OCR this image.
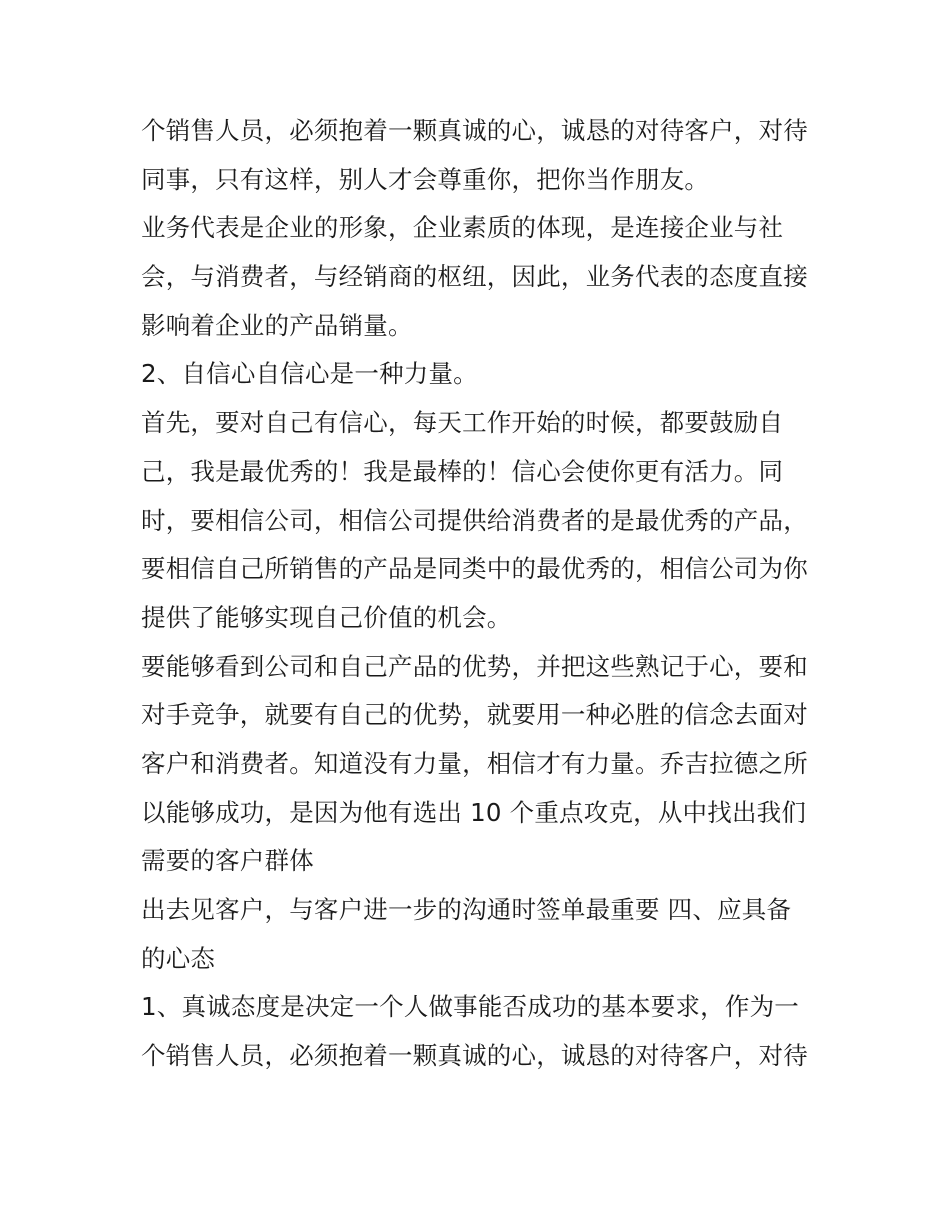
个销售人员，必须抱着一颗真诚的心，诚恳的对待客户，对待
同事，只有这样，别人才会尊重你，把你当作朋友。
业务代表是企业的形象，企业素质的体现，是连接企业与社
会，与消费者，与经销商的枢纽，因此，业务代表的态度直接
影响着企业的产品销量。
2、自信心自信心是一种力量。
首先，要对自己有信心，每天工作开始的时候，都要鼓励自
己，我是最优秀的！我是最棒的！信心会使你更有活力。同
时，要相信公司，相信公司提供给消费者的是最优秀的产品，
要相信自己所销售的产品是同类中的最优秀的，相信公司为你
提供了能够实现自己价值的机会。
要能够看到公司和自己产品的优势，并把这些熟记于心，要和
对手竞争，就要有自己的优势，就要用一种必胜的信念去面对
客户和消费者。知道没有力量，相信才有力量。乔吉拉德之所
以能够成功，是因为他有选出 10 个重点攻克，从中找出我们
需要的客户群体
出去见客户，与客户进一步的沟通时签单最重要 四、应具备
的心态
1、真诚态度是决定一个人做事能否成功的基本要求，作为一
个销售人员，必须抱着一颗真诚的心，诚恳的对待客户，对待
